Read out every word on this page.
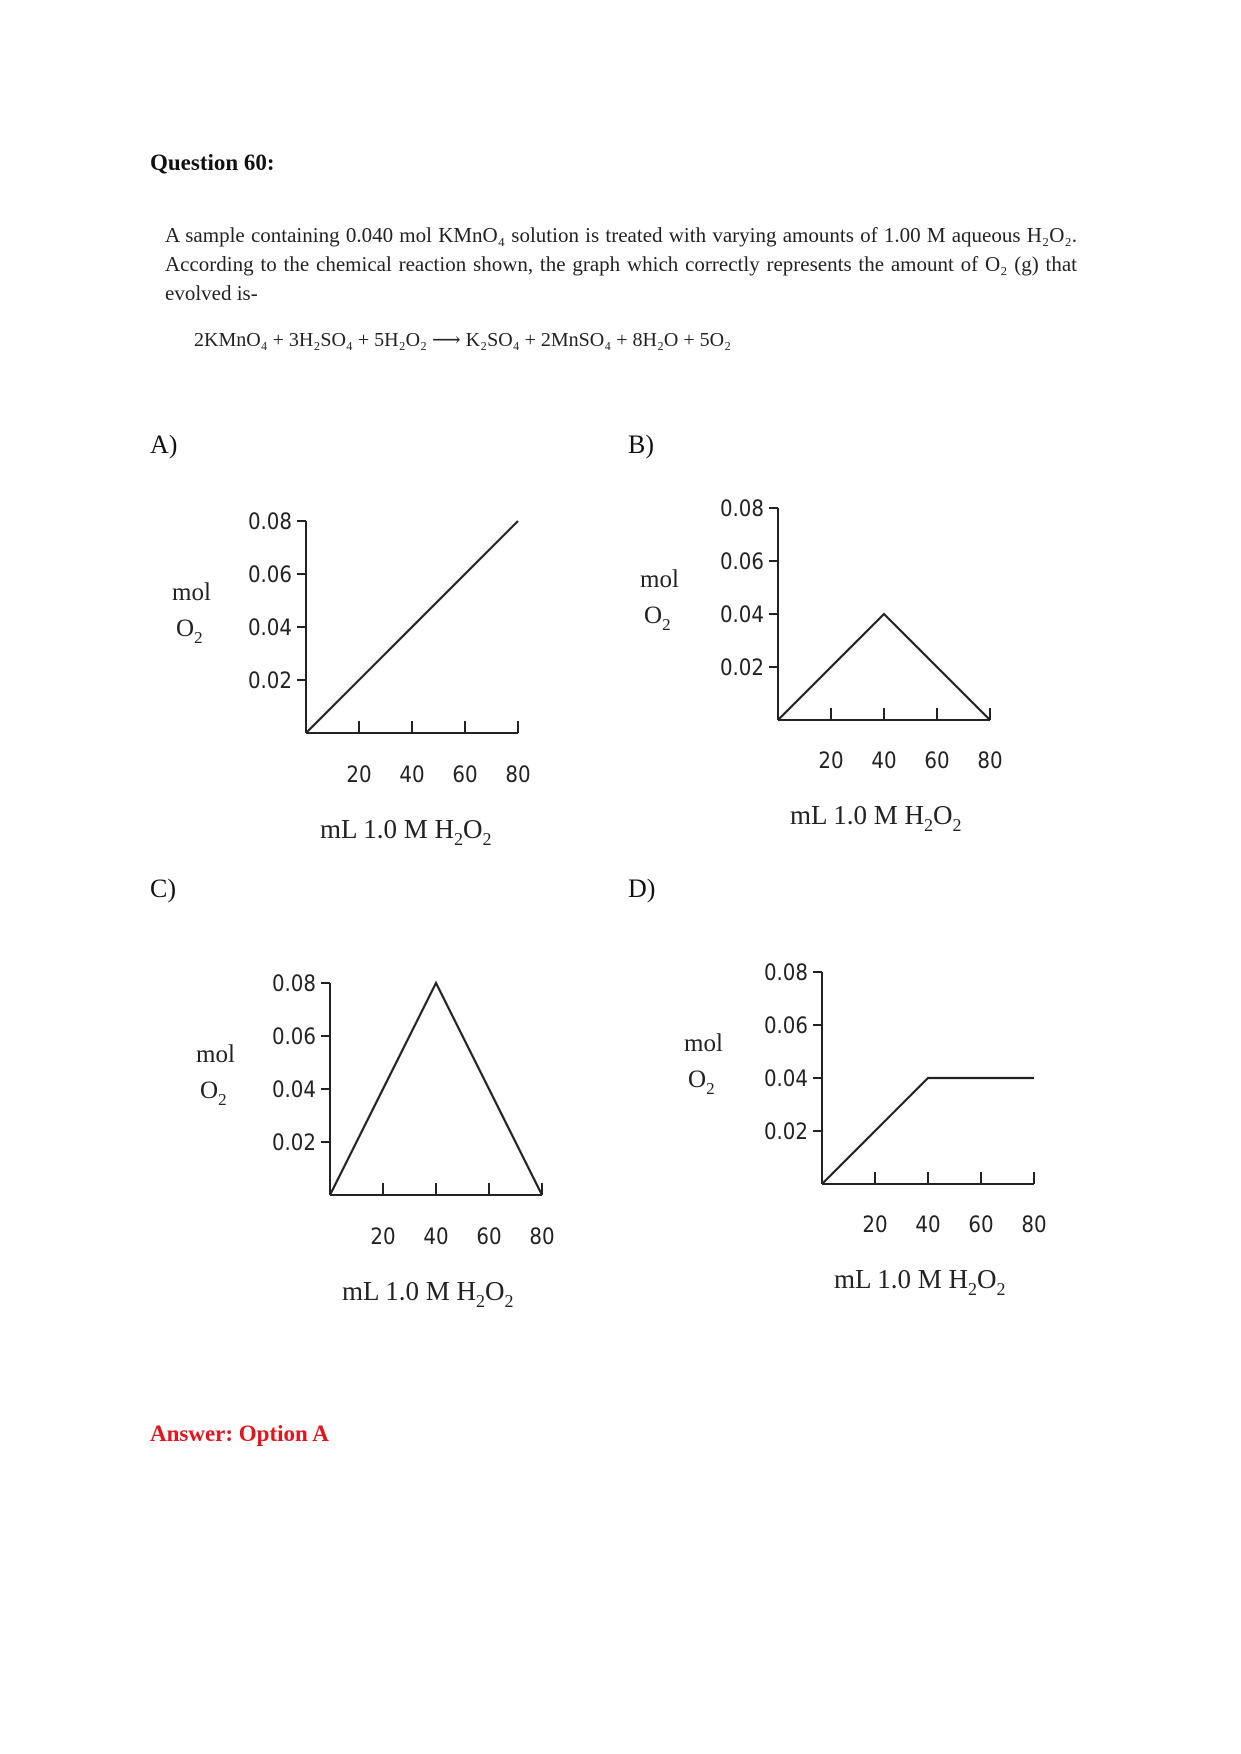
Question 60:
A sample containing 0.040 mol KMnO₄ solution is treated with varying amounts of 1.00 M aqueous H₂O₂. According to the chemical reaction shown, the graph which correctly represents the amount of O₂ (g) that evolved is-
2KMnO₄ + 3H₂SO₄ + 5H₂O₂ ⟶ K₂SO₄ + 2MnSO₄ + 8H₂O + 5O₂
A)	B)
C)	D)
0.08
0.06
0.04
0.02
20 40 60 80
mol
$O_2$
mL 1.0 M $H_2O_2$
0.08
0.06
0.04
0.02
20 40 60 80
mol
$O_2$
mL 1.0 M $H_2O_2$
0.08
0.06
0.04
0.02
20 40 60 80
mol
$O_2$
mL 1.0 M $H_2O_2$
0.08
0.06
0.04
0.02
20 40 60 80
mol
$O_2$
mL 1.0 M $H_2O_2$
Answer: Option A
